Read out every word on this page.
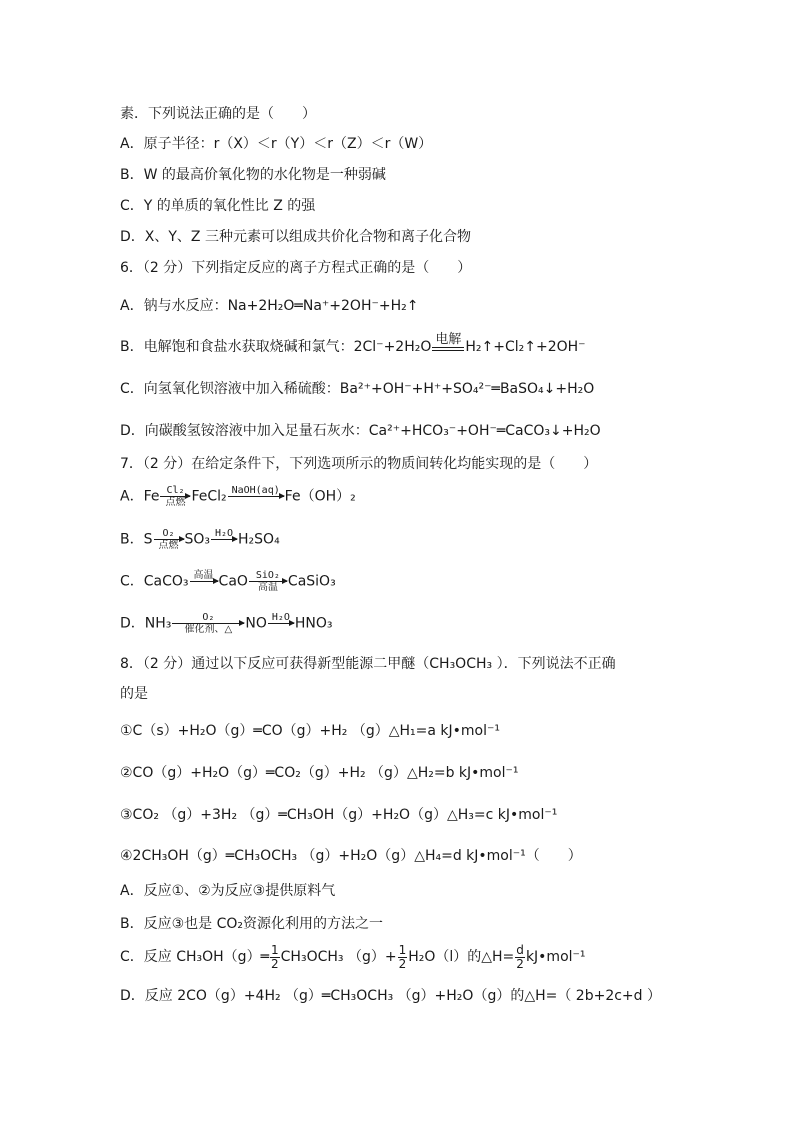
素．下列说法正确的是（　　）
A．原子半径：r（X）＜r（Y）＜r（Z）＜r（W）
B．W 的最高价氧化物的水化物是一种弱碱
C．Y 的单质的氧化性比 Z 的强
D．X、Y、Z 三种元素可以组成共价化合物和离子化合物
6．（2 分）下列指定反应的离子方程式正确的是（　　）
A．钠与水反应：Na+2H₂O═Na⁺+2OH⁻+H₂↑
B．电解饱和食盐水获取烧碱和氯气：2Cl⁻+2H₂O 电解
H₂↑+Cl₂↑+2OH⁻
C．向氢氧化钡溶液中加入稀硫酸：Ba²⁺+OH⁻+H⁺+SO₄²⁻═BaSO₄↓+H₂O
D．向碳酸氢铵溶液中加入足量石灰水：Ca²⁺+HCO₃⁻+OH⁻═CaCO₃↓+H₂O
7．（2 分）在给定条件下，下列选项所示的物质间转化均能实现的是（　　）
A．Fe Cl₂
点燃 FeCl₂ NaOH(aq)
Fe（OH）₂
B．S O₂
点燃 SO₃ H₂O
H₂SO₄
C．CaCO₃ 高温
CaO SiO₂
高温 CaSiO₃
D．NH₃	O₂
催化剂、△ NO H₂O
HNO₃
8．（2 分）通过以下反应可获得新型能源二甲醚（CH₃OCH₃ ）．下列说法不正确
的是
①C（s）+H₂O（g）═CO（g）+H₂ （g）△H₁=a kJ•mol⁻¹
②CO（g）+H₂O（g）═CO₂（g）+H₂ （g）△H₂=b kJ•mol⁻¹
③CO₂ （g）+3H₂ （g）═CH₃OH（g）+H₂O（g）△H₃=c kJ•mol⁻¹
④2CH₃OH（g）═CH₃OCH₃ （g）+H₂O（g）△H₄=d kJ•mol⁻¹（　　）
A．反应①、②为反应③提供原料气
B．反应③也是 CO₂资源化利用的方法之一
C．反应 CH₃OH（g）═ $\frac{1}{2} CH_3OCH_3$ $(g)+ \frac{1}{2} H_2O(l)$的△H= $\frac{d}{2}$ kJ•mol⁻¹
D．反应 2CO（g）+4H₂ （g）═CH₃OCH₃ （g）+H₂O（g）的△H=（ 2b+2c+d ）
